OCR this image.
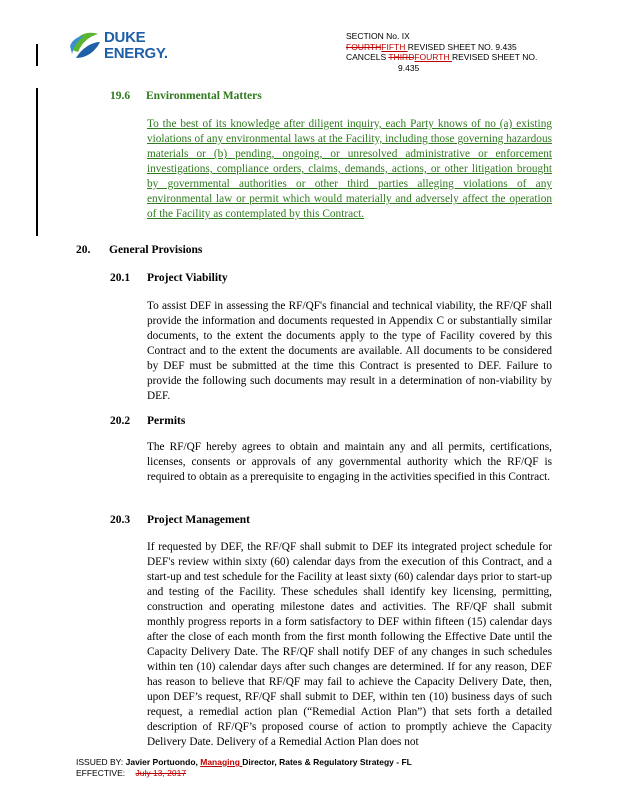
DUKE
ENERGY.
SECTION No. IX
FOURTHFIFTH REVISED SHEET NO. 9.435
CANCELS THIRDFOURTH REVISED SHEET NO.
9.435
19.6 Environmental Matters
To the best of its knowledge after diligent inquiry, each Party knows of no (a) existing violations of any environmental laws at the Facility, including those governing hazardous materials or (b) pending, ongoing, or unresolved administrative or enforcement investigations, compliance orders, claims, demands, actions, or other litigation brought by governmental authorities or other third parties alleging violations of any environmental law or permit which would materially and adversely affect the operation of the Facility as contemplated by this Contract.
20. General Provisions
20.1 Project Viability
To assist DEF in assessing the RF/QF's financial and technical viability, the RF/QF shall provide the information and documents requested in Appendix C or substantially similar documents, to the extent the documents apply to the type of Facility covered by this Contract and to the extent the documents are available. All documents to be considered by DEF must be submitted at the time this Contract is presented to DEF. Failure to provide the following such documents may result in a determination of non-viability by DEF.
20.2 Permits
The RF/QF hereby agrees to obtain and maintain any and all permits, certifications, licenses, consents or approvals of any governmental authority which the RF/QF is required to obtain as a prerequisite to engaging in the activities specified in this Contract.
20.3 Project Management
If requested by DEF, the RF/QF shall submit to DEF its integrated project schedule for DEF's review within sixty (60) calendar days from the execution of this Contract, and a start-up and test schedule for the Facility at least sixty (60) calendar days prior to start-up and testing of the Facility. These schedules shall identify key licensing, permitting, construction and operating milestone dates and activities. The RF/QF shall submit monthly progress reports in a form satisfactory to DEF within fifteen (15) calendar days after the close of each month from the first month following the Effective Date until the Capacity Delivery Date. The RF/QF shall notify DEF of any changes in such schedules within ten (10) calendar days after such changes are determined. If for any reason, DEF has reason to believe that RF/QF may fail to achieve the Capacity Delivery Date, then, upon DEF’s request, RF/QF shall submit to DEF, within ten (10) business days of such request, a remedial action plan (“Remedial Action Plan”) that sets forth a detailed description of RF/QF’s proposed course of action to promptly achieve the Capacity Delivery Date. Delivery of a Remedial Action Plan does not
ISSUED BY: Javier Portuondo, Managing Director, Rates & Regulatory Strategy - FL
EFFECTIVE: July 13, 2017
